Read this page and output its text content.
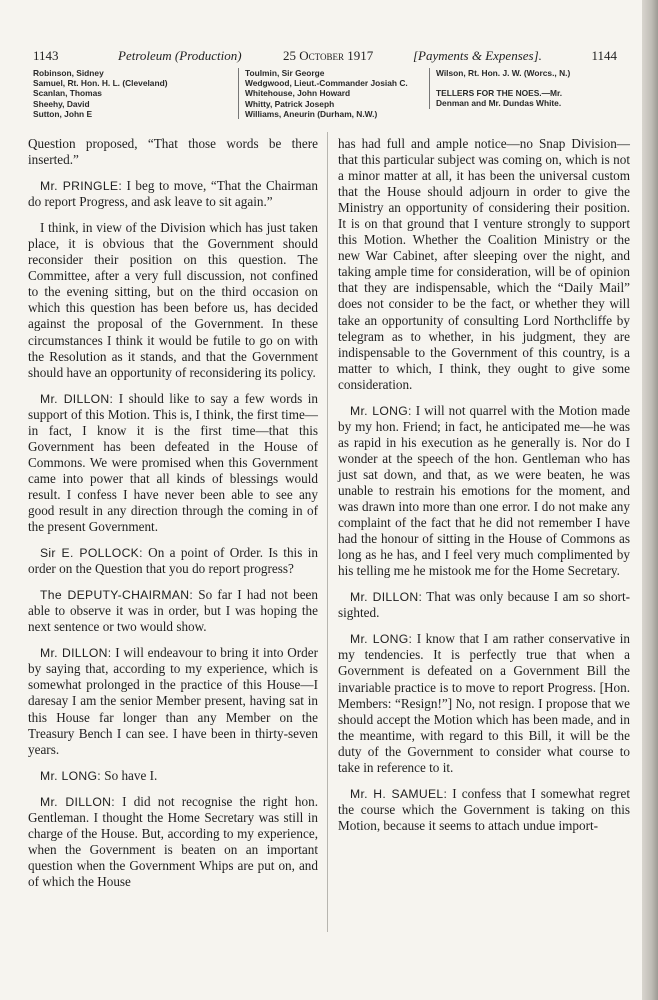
1143	Petroleum (Production)	25 October 1917	[Payments & Expenses].	1144
Robinson, Sidney
Samuel, Rt. Hon. H. L. (Cleveland)
Scanlan, Thomas
Sheehy, David
Sutton, John E
Toulmin, Sir George
Wedgwood, Lieut.-Commander Josiah C.
Whitehouse, John Howard
Whitty, Patrick Joseph
Williams, Aneurin (Durham, N.W.)
Wilson, Rt. Hon. J. W. (Worcs., N.)
TELLERS FOR THE NOES.—Mr.
Denman and Mr. Dundas White.

Question proposed, “That those words be there inserted.”

Mr. PRINGLE: I beg to move, “That the Chairman do report Progress, and ask leave to sit again.”

I think, in view of the Division which has just taken place, it is obvious that the Government should reconsider their position on this question. The Committee, after a very full discussion, not confined to the evening sitting, but on the third occasion on which this question has been before us, has decided against the proposal of the Government. In these circumstances I think it would be futile to go on with the Resolution as it stands, and that the Government should have an opportunity of reconsidering its policy.

Mr. DILLON: I should like to say a few words in support of this Motion. This is, I think, the first time—in fact, I know it is the first time—that this Government has been defeated in the House of Commons. We were promised when this Government came into power that all kinds of blessings would result. I confess I have never been able to see any good result in any direction through the coming in of the present Government.

Sir E. POLLOCK: On a point of Order. Is this in order on the Question that you do report progress?

The DEPUTY-CHAIRMAN: So far I had not been able to observe it was in order, but I was hoping the next sentence or two would show.

Mr. DILLON: I will endeavour to bring it into Order by saying that, according to my experience, which is somewhat prolonged in the practice of this House—I daresay I am the senior Member present, having sat in this House far longer than any Member on the Treasury Bench I can see. I have been in thirty-seven years.

Mr. LONG: So have I.

Mr. DILLON: I did not recognise the right hon. Gentleman. I thought the Home Secretary was still in charge of the House. But, according to my experience, when the Government is beaten on an important question when the Government Whips are put on, and of which the House

has had full and ample notice—no Snap Division—that this particular subject was coming on, which is not a minor matter at all, it has been the universal custom that the House should adjourn in order to give the Ministry an opportunity of considering their position. It is on that ground that I venture strongly to support this Motion. Whether the Coalition Ministry or the new War Cabinet, after sleeping over the night, and taking ample time for consideration, will be of opinion that they are indispensable, which the “Daily Mail” does not consider to be the fact, or whether they will take an opportunity of consulting Lord Northcliffe by telegram as to whether, in his judgment, they are indispensable to the Government of this country, is a matter to which, I think, they ought to give some consideration.

Mr. LONG: I will not quarrel with the Motion made by my hon. Friend; in fact, he anticipated me—he was as rapid in his execution as he generally is. Nor do I wonder at the speech of the hon. Gentleman who has just sat down, and that, as we were beaten, he was unable to restrain his emotions for the moment, and was drawn into more than one error. I do not make any complaint of the fact that he did not remember I have had the honour of sitting in the House of Commons as long as he has, and I feel very much complimented by his telling me he mistook me for the Home Secretary.

Mr. DILLON: That was only because I am so short-sighted.

Mr. LONG: I know that I am rather conservative in my tendencies. It is perfectly true that when a Government is defeated on a Government Bill the invariable practice is to move to report Progress. [Hon. Members: “Resign!”] No, not resign. I propose that we should accept the Motion which has been made, and in the meantime, with regard to this Bill, it will be the duty of the Government to consider what course to take in reference to it.

Mr. H. SAMUEL: I confess that I somewhat regret the course which the Government is taking on this Motion, because it seems to attach undue import-
